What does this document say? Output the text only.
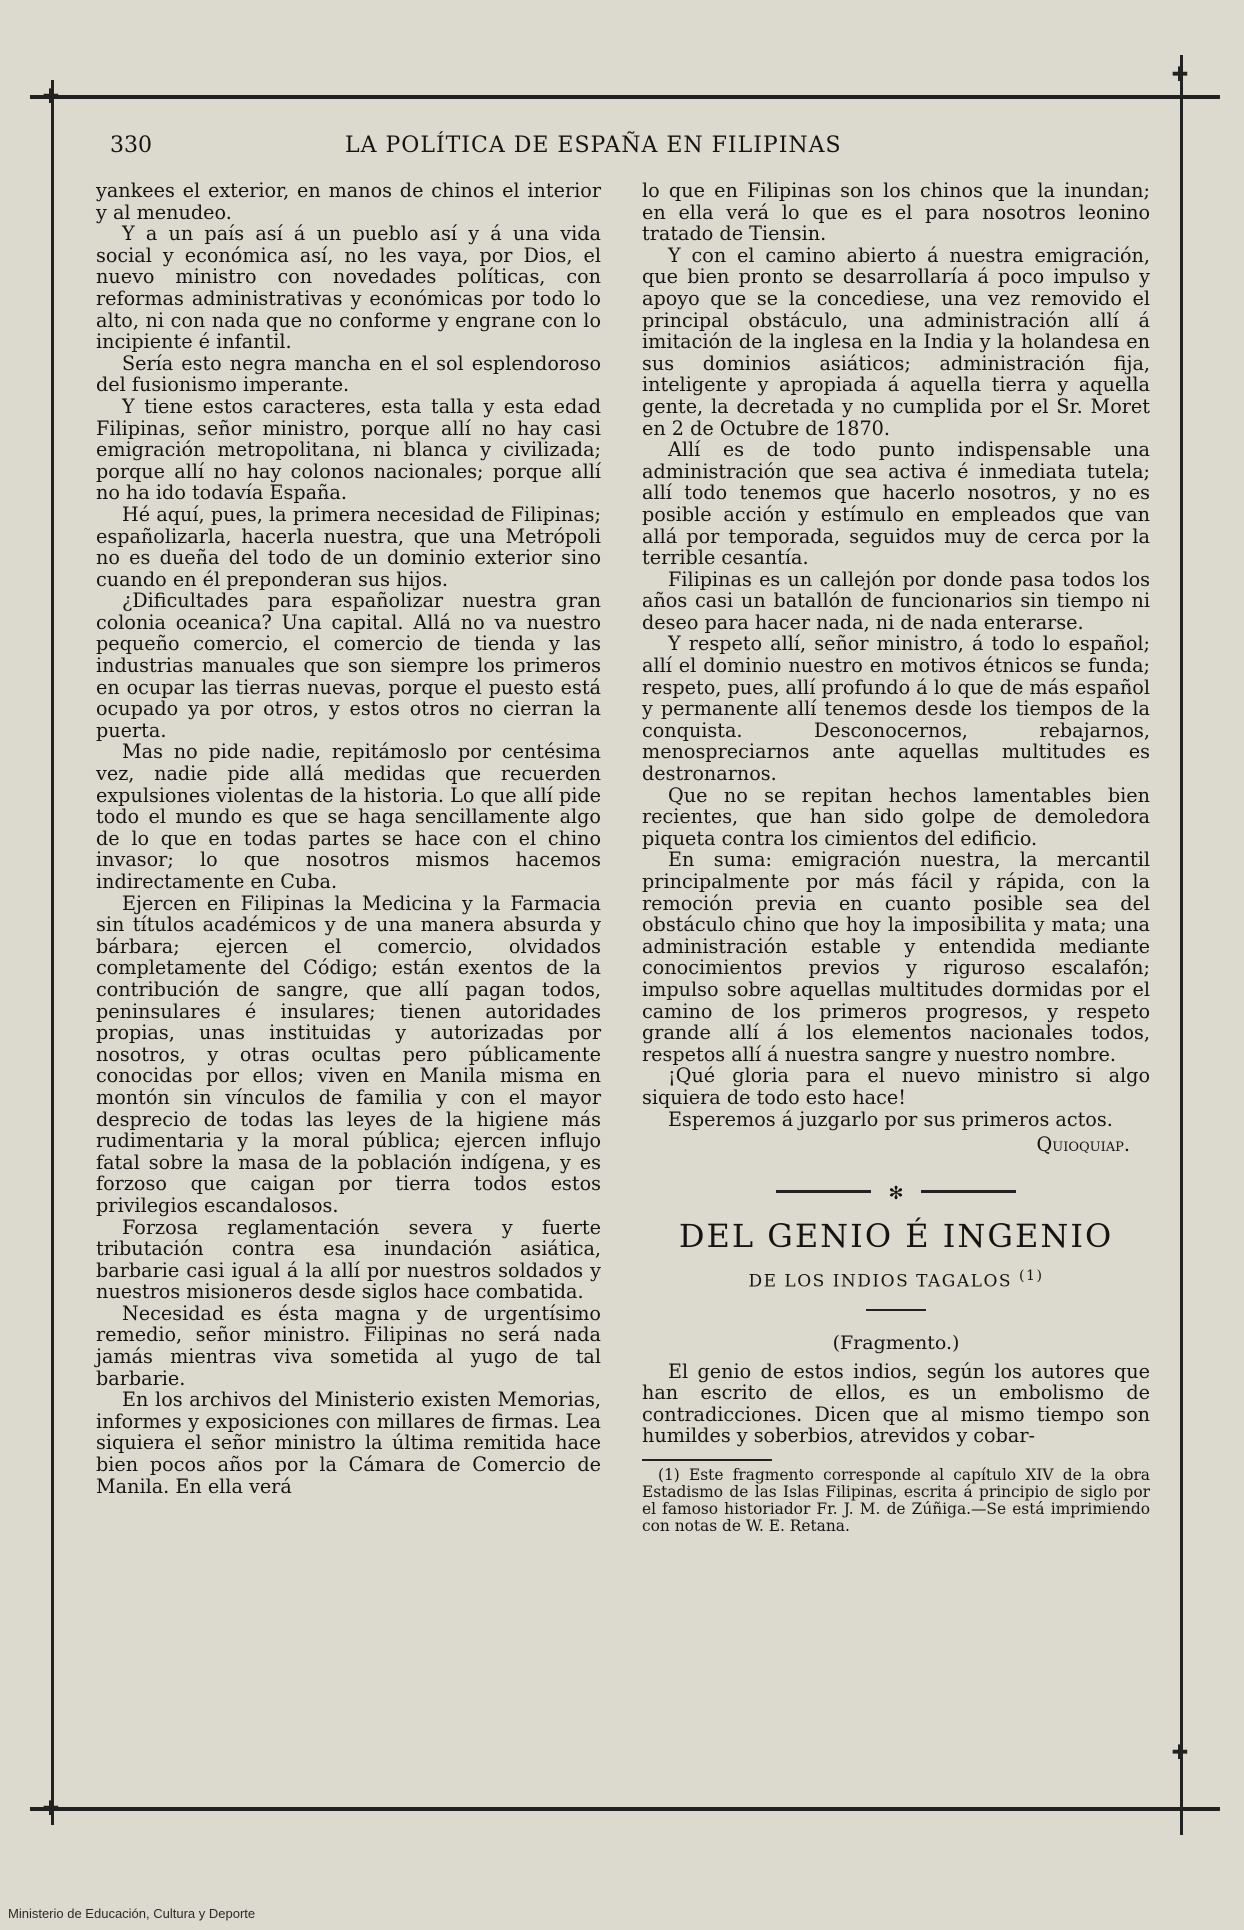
✚
✚
✚
✚
330	LA POLÍTICA DE ESPAÑA EN FILIPINAS

yankees el exterior, en manos de chinos el interior y al menudeo.

Y a un país así á un pueblo así y á una vida social y económica así, no les vaya, por Dios, el nuevo ministro con novedades políticas, con reformas administrativas y económicas por todo lo alto, ni con nada que no conforme y engrane con lo incipiente é infantil.

Sería esto negra mancha en el sol esplendoroso del fusionismo imperante.

Y tiene estos caracteres, esta talla y esta edad Filipinas, señor ministro, porque allí no hay casi emigración metropolitana, ni blanca y civilizada; porque allí no hay colonos nacionales; porque allí no ha ido todavía España.

Hé aquí, pues, la primera necesidad de Filipinas; españolizarla, hacerla nuestra, que una Metrópoli no es dueña del todo de un dominio exterior sino cuando en él preponderan sus hijos.

¿Dificultades para españolizar nuestra gran colonia oceanica? Una capital. Allá no va nuestro pequeño comercio, el comercio de tienda y las industrias manuales que son siempre los primeros en ocupar las tierras nuevas, porque el puesto está ocupado ya por otros, y estos otros no cierran la puerta.

Mas no pide nadie, repitámoslo por centésima vez, nadie pide allá medidas que recuerden expulsiones violentas de la historia. Lo que allí pide todo el mundo es que se haga sencillamente algo de lo que en todas partes se hace con el chino invasor; lo que nosotros mismos hacemos indirectamente en Cuba.

Ejercen en Filipinas la Medicina y la Farmacia sin títulos académicos y de una manera absurda y bárbara; ejercen el comercio, olvidados completamente del Código; están exentos de la contribución de sangre, que allí pagan todos, peninsulares é insulares; tienen autoridades propias, unas instituidas y autorizadas por nosotros, y otras ocultas pero públicamente conocidas por ellos; viven en Manila misma en montón sin vínculos de familia y con el mayor desprecio de todas las leyes de la higiene más rudimentaria y la moral pública; ejercen influjo fatal sobre la masa de la población indígena, y es forzoso que caigan por tierra todos estos privilegios escandalosos.

Forzosa reglamentación severa y fuerte tributación contra esa inundación asiática, barbarie casi igual á la allí por nuestros soldados y nuestros misioneros desde siglos hace combatida.

Necesidad es ésta magna y de urgentísimo remedio, señor ministro. Filipinas no será nada jamás mientras viva sometida al yugo de tal barbarie.

En los archivos del Ministerio existen Memorias, informes y exposiciones con millares de firmas. Lea siquiera el señor ministro la última remitida hace bien pocos años por la Cámara de Comercio de Manila. En ella verá

lo que en Filipinas son los chinos que la inundan; en ella verá lo que es el para nosotros leonino tratado de Tiensin.

Y con el camino abierto á nuestra emigración, que bien pronto se desarrollaría á poco impulso y apoyo que se la concediese, una vez removido el principal obstáculo, una administración allí á imitación de la inglesa en la India y la holandesa en sus dominios asiáticos; administración fija, inteligente y apropiada á aquella tierra y aquella gente, la decretada y no cumplida por el Sr. Moret en 2 de Octubre de 1870.

Allí es de todo punto indispensable una administración que sea activa é inmediata tutela; allí todo tenemos que hacerlo nosotros, y no es posible acción y estímulo en empleados que van allá por temporada, seguidos muy de cerca por la terrible cesantía.

Filipinas es un callejón por donde pasa todos los años casi un batallón de funcionarios sin tiempo ni deseo para hacer nada, ni de nada enterarse.

Y respeto allí, señor ministro, á todo lo español; allí el dominio nuestro en motivos étnicos se funda; respeto, pues, allí profundo á lo que de más español y permanente allí tenemos desde los tiempos de la conquista. Desconocernos, rebajarnos, menospreciarnos ante aquellas multitudes es destronarnos.

Que no se repitan hechos lamentables bien recientes, que han sido golpe de demoledora piqueta contra los cimientos del edificio.

En suma: emigración nuestra, la mercantil principalmente por más fácil y rápida, con la remoción previa en cuanto posible sea del obstáculo chino que hoy la imposibilita y mata; una administración estable y entendida mediante conocimientos previos y riguroso escalafón; impulso sobre aquellas multitudes dormidas por el camino de los primeros progresos, y respeto grande allí á los elementos nacionales todos, respetos allí á nuestra sangre y nuestro nombre.

¡Qué gloria para el nuevo ministro si algo siquiera de todo esto hace!

Esperemos á juzgarlo por sus primeros actos.

Quioquiap.
✻
DEL GENIO É INGENIO
DE LOS INDIOS TAGALOS $^{(1)}$
(Fragmento.)

El genio de estos indios, según los autores que han escrito de ellos, es un embolismo de contradicciones. Dicen que al mismo tiempo son humildes y soberbios, atrevidos y cobar-

(1) Este fragmento corresponde al capítulo XIV de la obra Estadismo de las Islas Filipinas, escrita á principio de siglo por el famoso historiador Fr. J. M. de Zúñiga.—Se está imprimiendo con notas de W. E. Retana.

Ministerio de Educación, Cultura y Deporte
